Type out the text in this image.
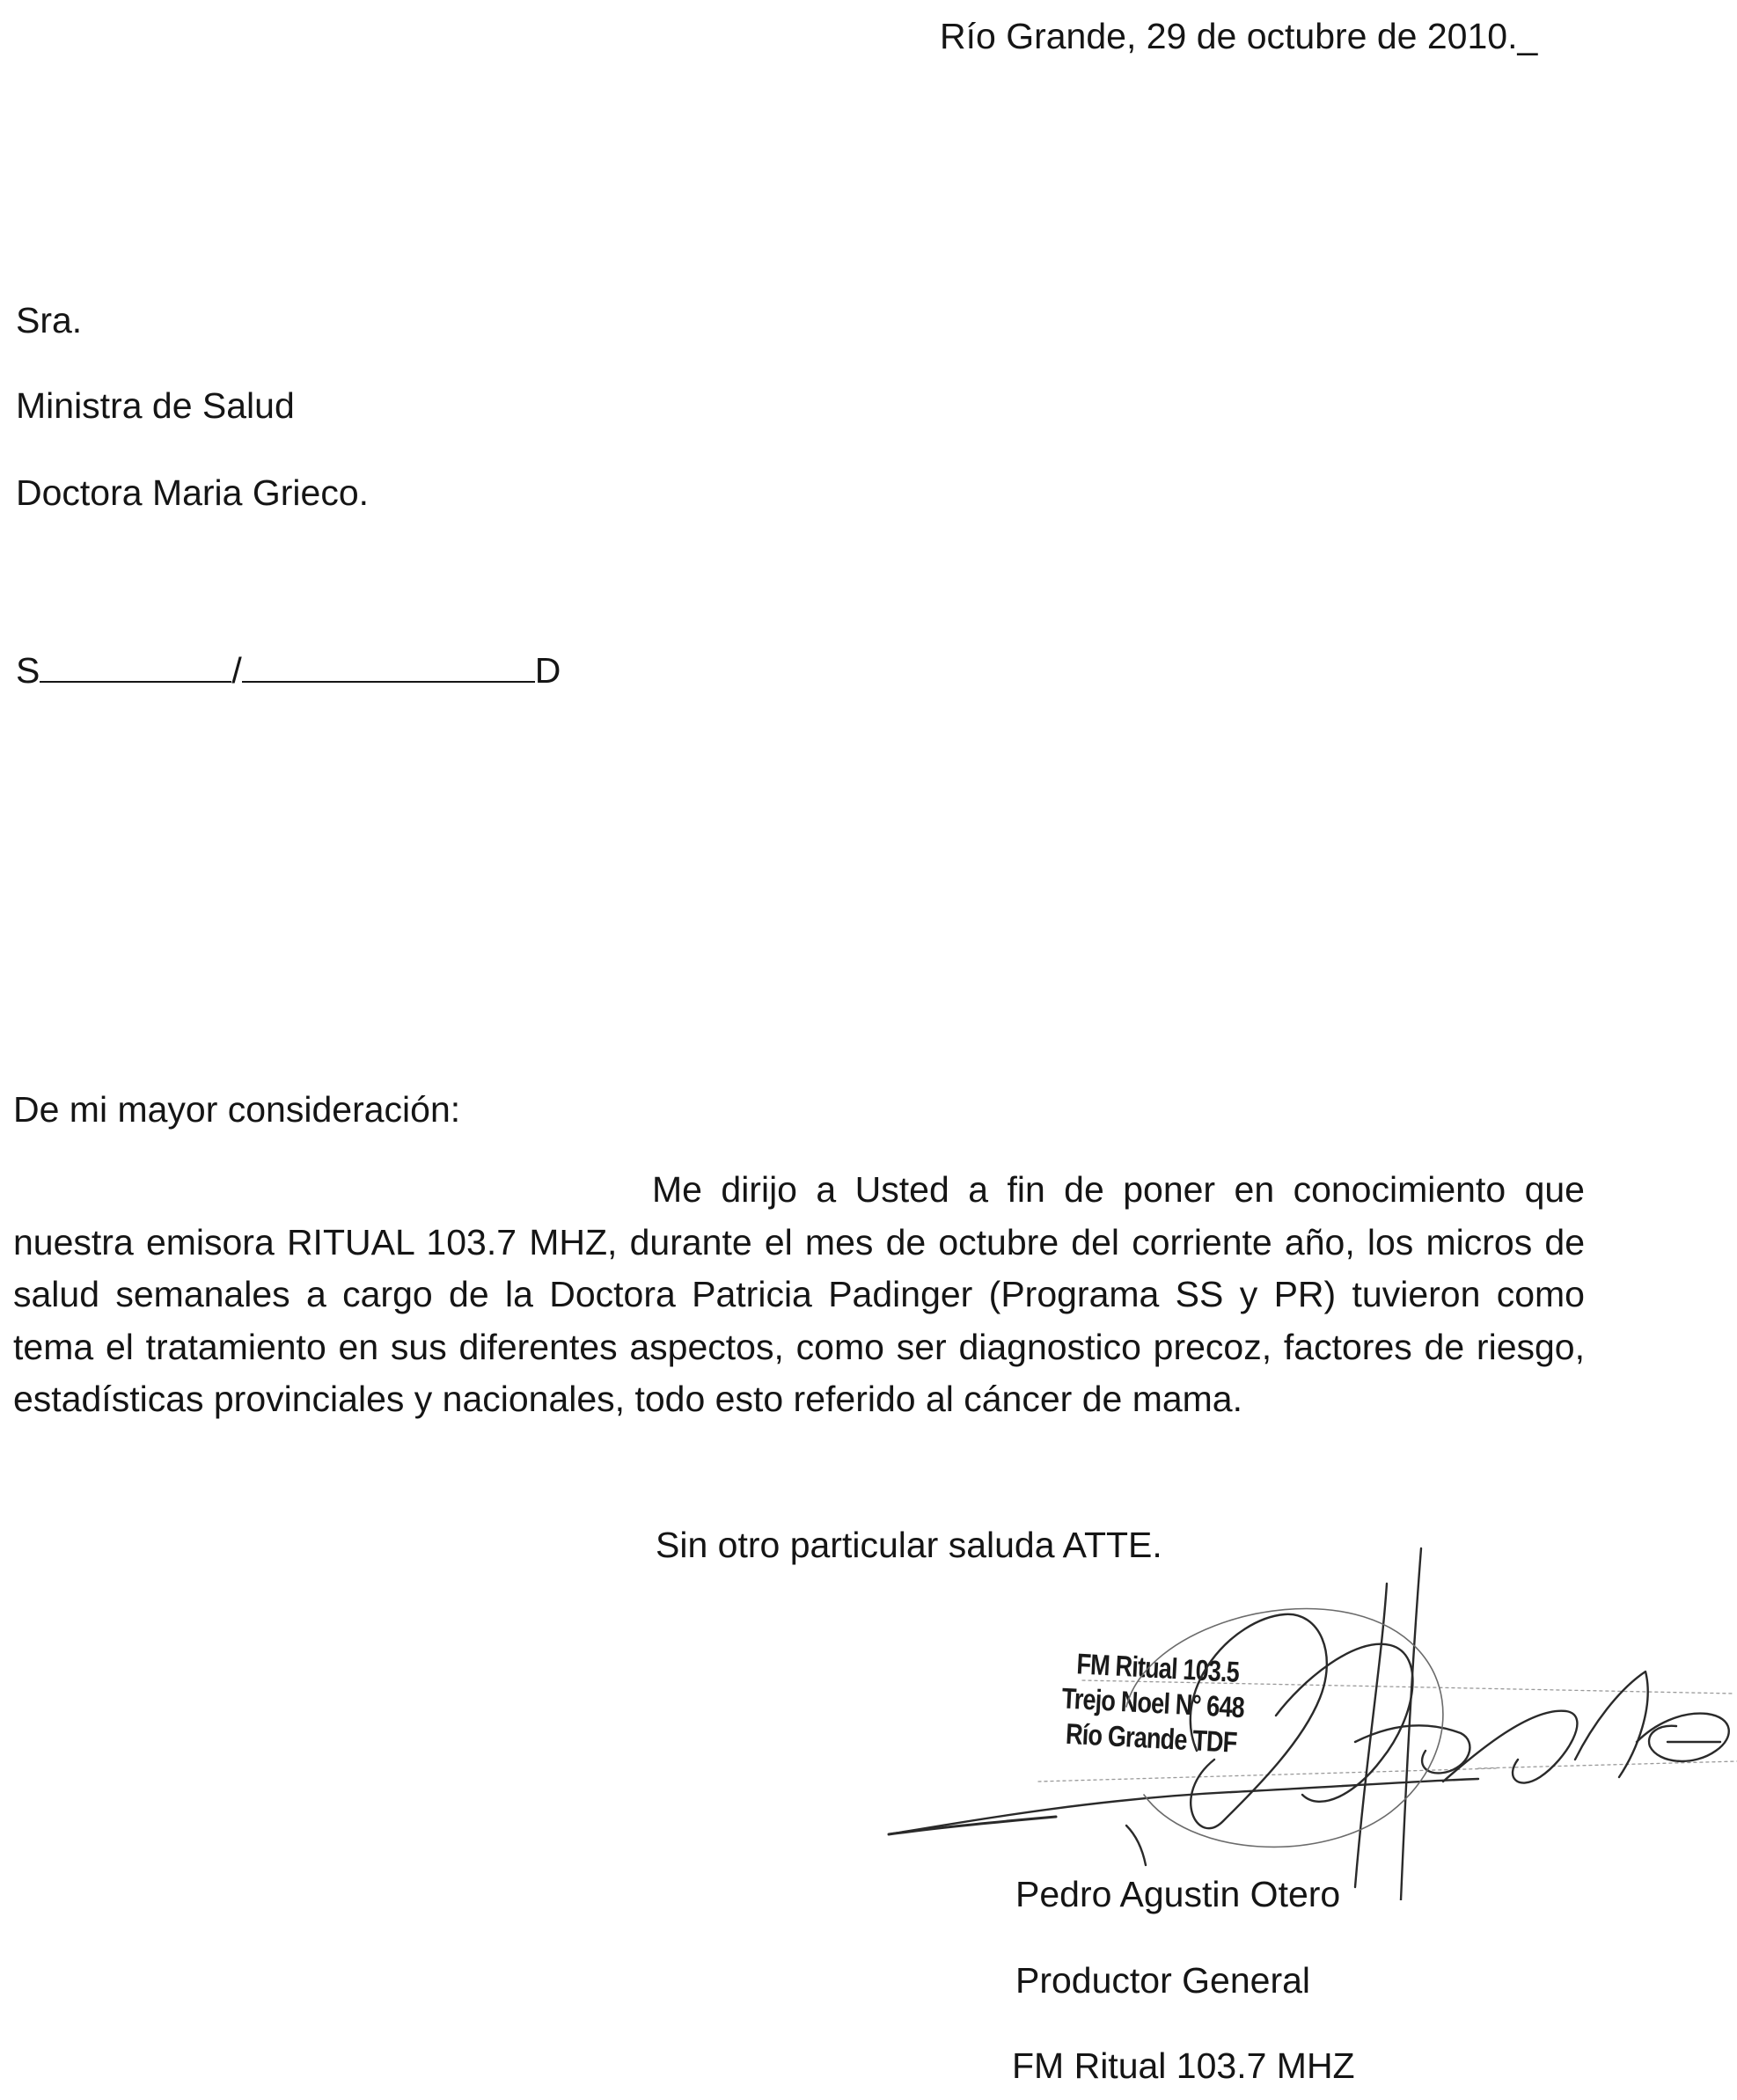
Río Grande, 29 de octubre de 2010._
Sra.
Ministra de Salud
Doctora Maria Grieco.
S	/	D
De mi mayor consideración:

Me dirijo a Usted a fin de poner en conocimiento que nuestra emisora RITUAL 103.7 MHZ, durante el mes de octubre del corriente año, los micros de salud semanales a cargo de la Doctora Patricia Padinger (Programa SS y PR) tuvieron como tema el tratamiento en sus diferentes aspectos, como ser diagnostico precoz, factores de riesgo, estadísticas provinciales y nacionales, todo esto referido al cáncer de mama.

Sin otro particular saluda ATTE.
FM Ritual 103.5
Trejo Noel N° 648
Río Grande TDF
Pedro Agustin Otero
Productor General
FM Ritual 103.7 MHZ
